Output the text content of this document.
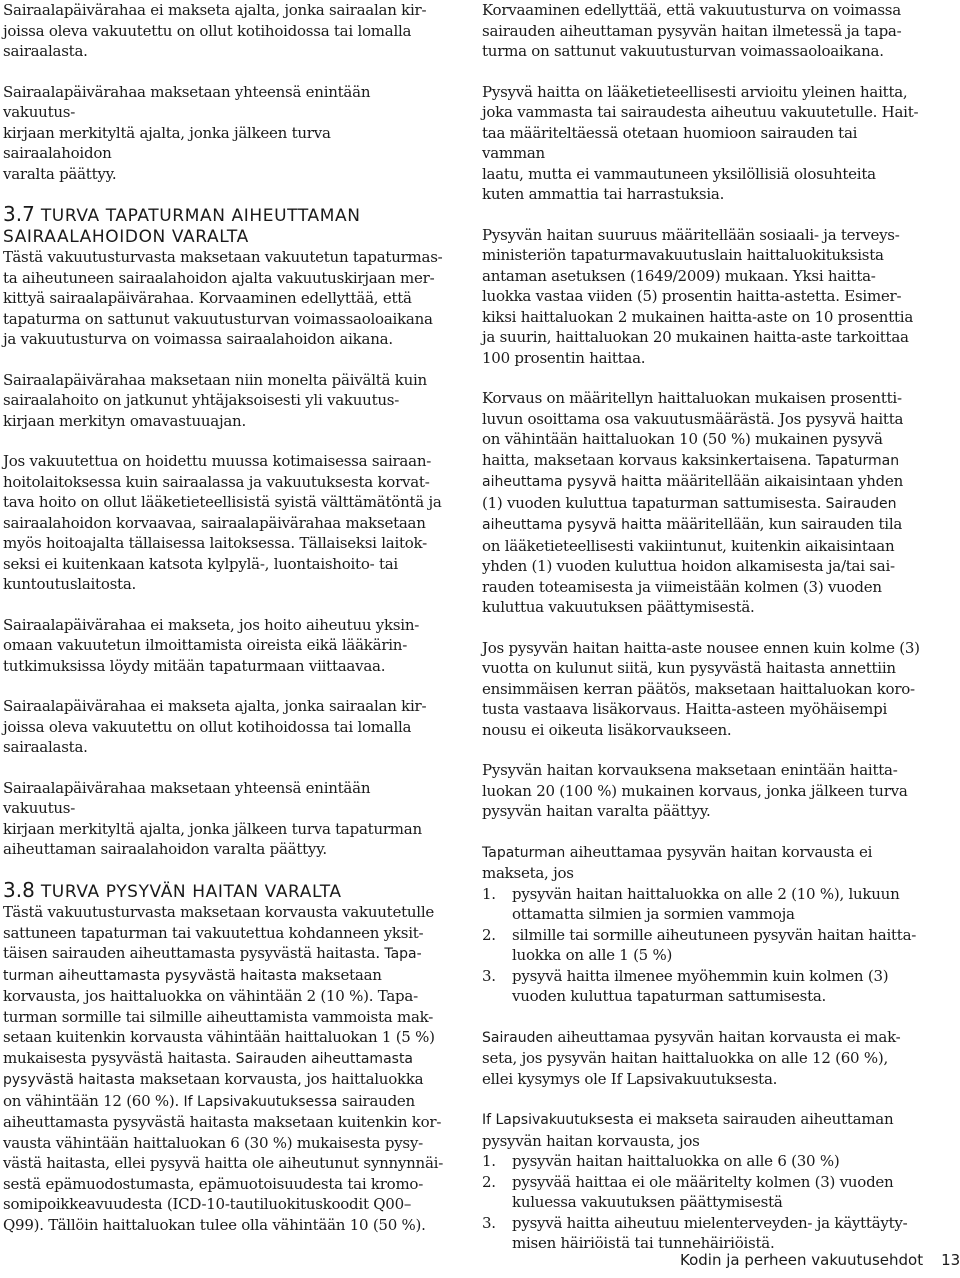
Sairaalapäivärahaa ei makseta ajalta, jonka sairaalan kir-
joissa oleva vakuutettu on ollut kotihoidossa tai lomalla
sairaalasta.

Sairaalapäivärahaa maksetaan yhteensä enintään vakuutus-
kirjaan merkityltä ajalta, jonka jälkeen turva sairaalahoidon
varalta päättyy.

3.7 TURVA TAPATURMAN AIHEUTTAMAN
SAIRAALAHOIDON VARALTA
Tästä vakuutusturvasta maksetaan vakuutetun tapaturmas-
ta aiheutuneen sairaalahoidon ajalta vakuutuskirjaan mer-
kittyä sairaalapäivärahaa. Korvaaminen edellyttää, että
tapaturma on sattunut vakuutusturvan voimassaoloaikana
ja vakuutusturva on voimassa sairaalahoidon aikana.

Sairaalapäivärahaa maksetaan niin monelta päivältä kuin
sairaalahoito on jatkunut yhtäjaksoisesti yli vakuutus-
kirjaan merkityn omavastuuajan.

Jos vakuutettua on hoidettu muussa kotimaisessa sairaan-
hoitolaitoksessa kuin sairaalassa ja vakuutuksesta korvat-
tava hoito on ollut lääketieteellisistä syistä välttämätöntä ja
sairaalahoidon korvaavaa, sairaalapäivärahaa maksetaan
myös hoitoajalta tällaisessa laitoksessa. Tällaiseksi laitok-
seksi ei kuitenkaan katsota kylpylä-, luontaishoito- tai
kuntoutuslaitosta.

Sairaalapäivärahaa ei makseta, jos hoito aiheutuu yksin-
omaan vakuutetun ilmoittamista oireista eikä lääkärin-
tutkimuksissa löydy mitään tapaturmaan viittaavaa.

Sairaalapäivärahaa ei makseta ajalta, jonka sairaalan kir-
joissa oleva vakuutettu on ollut kotihoidossa tai lomalla
sairaalasta.

Sairaalapäivärahaa maksetaan yhteensä enintään vakuutus-
kirjaan merkityltä ajalta, jonka jälkeen turva tapaturman
aiheuttaman sairaalahoidon varalta päättyy.

3.8 TURVA PYSYVÄN HAITAN VARALTA
Tästä vakuutusturvasta maksetaan korvausta vakuutetulle
sattuneen tapaturman tai vakuutettua kohdanneen yksit-
täisen sairauden aiheuttamasta pysyvästä haitasta. Tapa-
turman aiheuttamasta pysyvästä haitasta maksetaan
korvausta, jos haittaluokka on vähintään 2 (10 %). Tapa-
turman sormille tai silmille aiheuttamista vammoista mak-
setaan kuitenkin korvausta vähintään haittaluokan 1 (5 %)
mukaisesta pysyvästä haitasta. Sairauden aiheuttamasta
pysyvästä haitasta maksetaan korvausta, jos haittaluokka
on vähintään 12 (60 %). If Lapsivakuutuksessa sairauden
aiheuttamasta pysyvästä haitasta maksetaan kuitenkin kor-
vausta vähintään haittaluokan 6 (30 %) mukaisesta pysy-
västä haitasta, ellei pysyvä haitta ole aiheutunut synnynnäi-
sestä epämuodostumasta, epämuotoisuudesta tai kromo-
somipoikkeavuudesta (ICD-10-tautiluokituskoodit Q00–
Q99). Tällöin haittaluokan tulee olla vähintään 10 (50 %).

Korvaaminen edellyttää, että vakuutusturva on voimassa
sairauden aiheuttaman pysyvän haitan ilmetessä ja tapa-
turma on sattunut vakuutusturvan voimassaoloaikana.

Pysyvä haitta on lääketieteellisesti arvioitu yleinen haitta,
joka vammasta tai sairaudesta aiheutuu vakuutetulle. Hait-
taa määriteltäessä otetaan huomioon sairauden tai vamman
laatu, mutta ei vammautuneen yksilöllisiä olosuhteita
kuten ammattia tai harrastuksia.

Pysyvän haitan suuruus määritellään sosiaali- ja terveys-
ministeriön tapaturmavakuutuslain haittaluokituksista
antaman asetuksen (1649/2009) mukaan. Yksi haitta-
luokka vastaa viiden (5) prosentin haitta-astetta. Esimer-
kiksi haittaluokan 2 mukainen haitta-aste on 10 prosenttia
ja suurin, haittaluokan 20 mukainen haitta-aste tarkoittaa
100 prosentin haittaa.

Korvaus on määritellyn haittaluokan mukaisen prosentti-
luvun osoittama osa vakuutusmäärästä. Jos pysyvä haitta
on vähintään haittaluokan 10 (50 %) mukainen pysyvä
haitta, maksetaan korvaus kaksinkertaisena. Tapaturman
aiheuttama pysyvä haitta määritellään aikaisintaan yhden
(1) vuoden kuluttua tapaturman sattumisesta. Sairauden
aiheuttama pysyvä haitta määritellään, kun sairauden tila
on lääketieteellisesti vakiintunut, kuitenkin aikaisintaan
yhden (1) vuoden kuluttua hoidon alkamisesta ja/tai sai-
rauden toteamisesta ja viimeistään kolmen (3) vuoden
kuluttua vakuutuksen päättymisestä.

Jos pysyvän haitan haitta-aste nousee ennen kuin kolme (3)
vuotta on kulunut siitä, kun pysyvästä haitasta annettiin
ensimmäisen kerran päätös, maksetaan haittaluokan koro-
tusta vastaava lisäkorvaus. Haitta-asteen myöhäisempi
nousu ei oikeuta lisäkorvaukseen.

Pysyvän haitan korvauksena maksetaan enintään haitta-
luokan 20 (100 %) mukainen korvaus, jonka jälkeen turva
pysyvän haitan varalta päättyy.

Tapaturman aiheuttamaa pysyvän haitan korvausta ei
makseta, jos
1. pysyvän haitan haittaluokka on alle 2 (10 %), lukuun
ottamatta silmien ja sormien vammoja
2. silmille tai sormille aiheutuneen pysyvän haitan haitta-
luokka on alle 1 (5 %)
3. pysyvä haitta ilmenee myöhemmin kuin kolmen (3)
vuoden kuluttua tapaturman sattumisesta.

Sairauden aiheuttamaa pysyvän haitan korvausta ei mak-
seta, jos pysyvän haitan haittaluokka on alle 12 (60 %),
ellei kysymys ole If Lapsivakuutuksesta.

If Lapsivakuutuksesta ei makseta sairauden aiheuttaman
pysyvän haitan korvausta, jos
1. pysyvän haitan haittaluokka on alle 6 (30 %)
2. pysyvää haittaa ei ole määritelty kolmen (3) vuoden
kuluessa vakuutuksen päättymisestä
3. pysyvä haitta aiheutuu mielenterveyden- ja käyttäyty-
misen häiriöistä tai tunnehäiriöistä.
Kodin ja perheen vakuutusehdot 13
